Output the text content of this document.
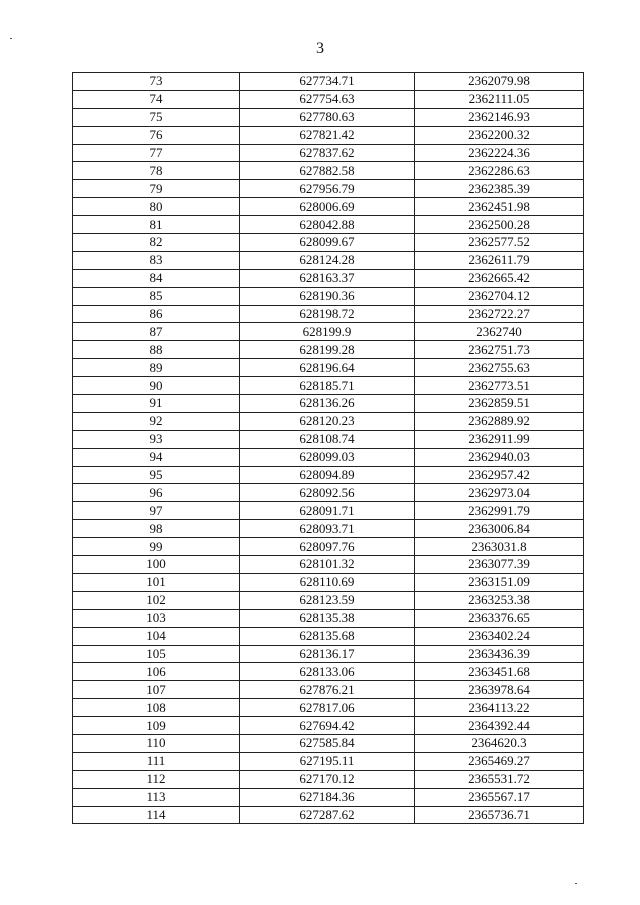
3
73	627734.71	2362079.98
74	627754.63	2362111.05
75	627780.63	2362146.93
76	627821.42	2362200.32
77	627837.62	2362224.36
78	627882.58	2362286.63
79	627956.79	2362385.39
80	628006.69	2362451.98
81	628042.88	2362500.28
82	628099.67	2362577.52
83	628124.28	2362611.79
84	628163.37	2362665.42
85	628190.36	2362704.12
86	628198.72	2362722.27
87	628199.9	2362740
88	628199.28	2362751.73
89	628196.64	2362755.63
90	628185.71	2362773.51
91	628136.26	2362859.51
92	628120.23	2362889.92
93	628108.74	2362911.99
94	628099.03	2362940.03
95	628094.89	2362957.42
96	628092.56	2362973.04
97	628091.71	2362991.79
98	628093.71	2363006.84
99	628097.76	2363031.8
100	628101.32	2363077.39
101	628110.69	2363151.09
102	628123.59	2363253.38
103	628135.38	2363376.65
104	628135.68	2363402.24
105	628136.17	2363436.39
106	628133.06	2363451.68
107	627876.21	2363978.64
108	627817.06	2364113.22
109	627694.42	2364392.44
110	627585.84	2364620.3
111	627195.11	2365469.27
112	627170.12	2365531.72
113	627184.36	2365567.17
114	627287.62	2365736.71
